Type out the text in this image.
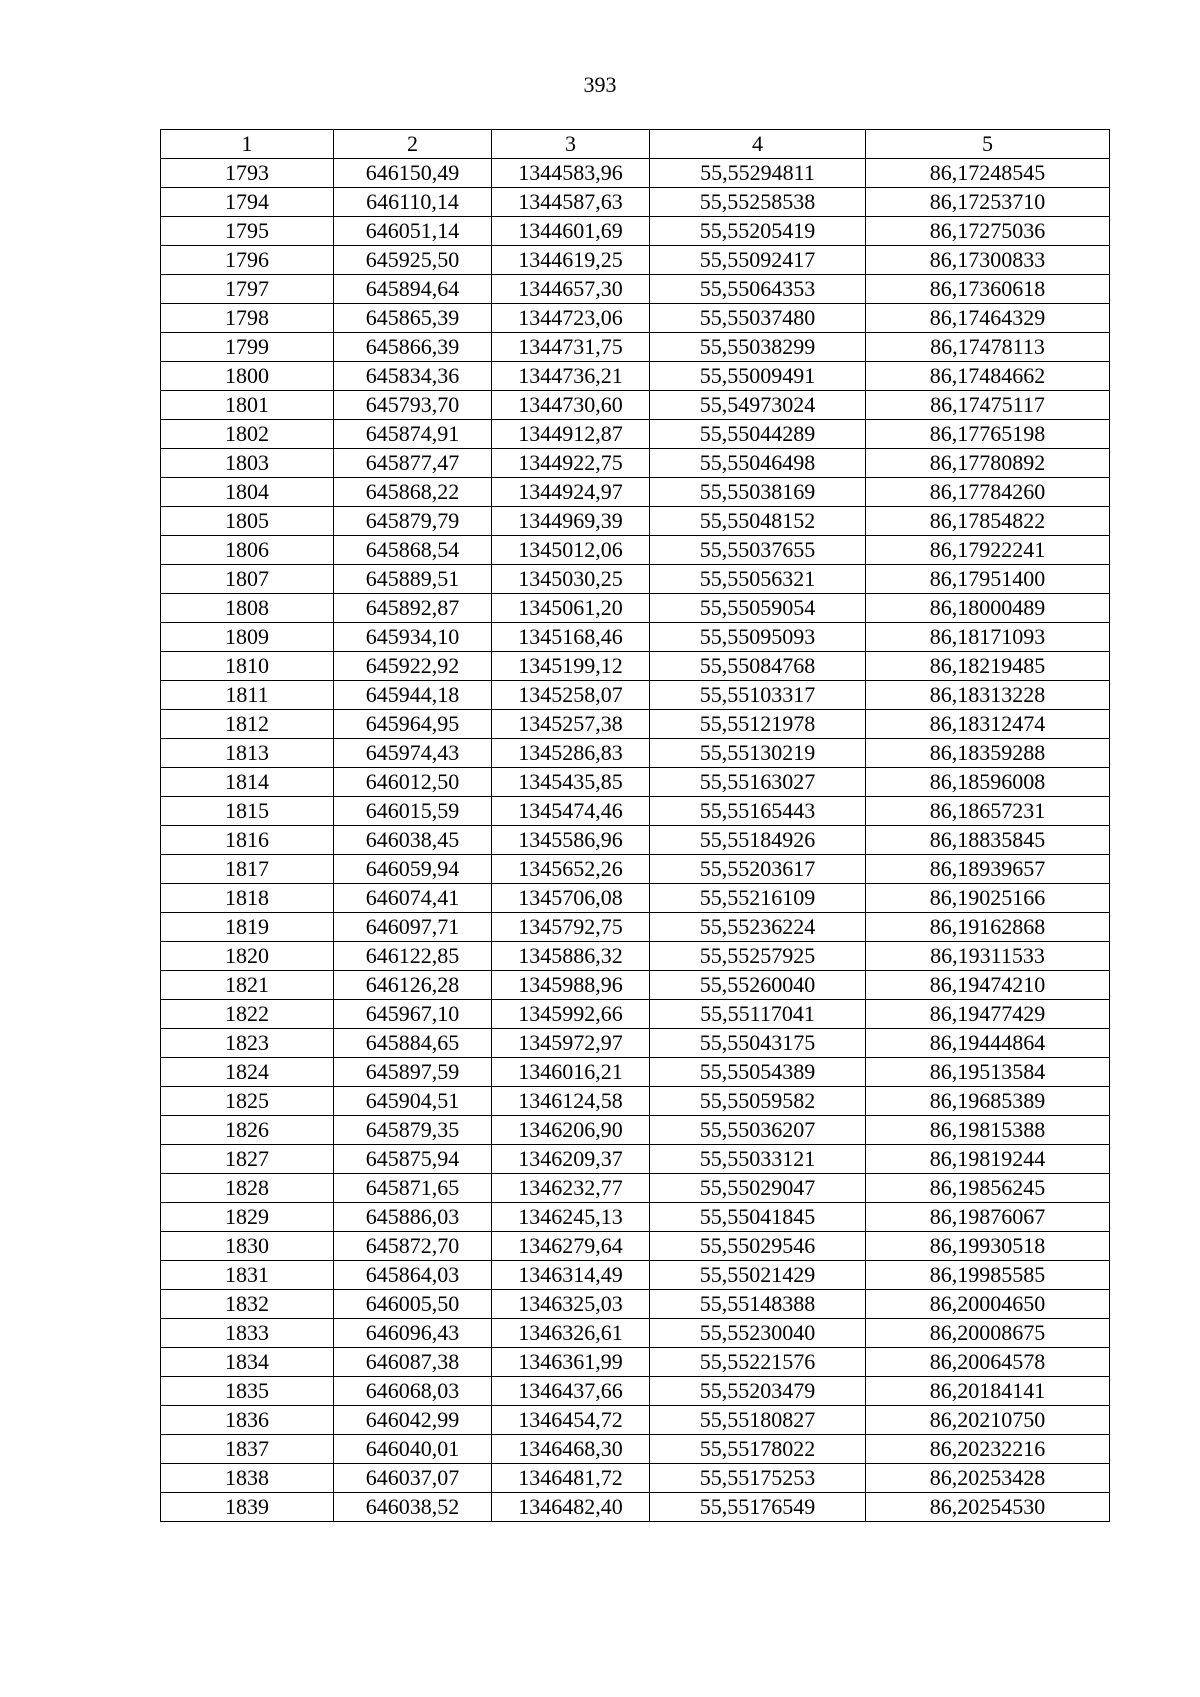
393
1	2	3	4	5
1793	646150,49	1344583,96	55,55294811	86,17248545
1794	646110,14	1344587,63	55,55258538	86,17253710
1795	646051,14	1344601,69	55,55205419	86,17275036
1796	645925,50	1344619,25	55,55092417	86,17300833
1797	645894,64	1344657,30	55,55064353	86,17360618
1798	645865,39	1344723,06	55,55037480	86,17464329
1799	645866,39	1344731,75	55,55038299	86,17478113
1800	645834,36	1344736,21	55,55009491	86,17484662
1801	645793,70	1344730,60	55,54973024	86,17475117
1802	645874,91	1344912,87	55,55044289	86,17765198
1803	645877,47	1344922,75	55,55046498	86,17780892
1804	645868,22	1344924,97	55,55038169	86,17784260
1805	645879,79	1344969,39	55,55048152	86,17854822
1806	645868,54	1345012,06	55,55037655	86,17922241
1807	645889,51	1345030,25	55,55056321	86,17951400
1808	645892,87	1345061,20	55,55059054	86,18000489
1809	645934,10	1345168,46	55,55095093	86,18171093
1810	645922,92	1345199,12	55,55084768	86,18219485
1811	645944,18	1345258,07	55,55103317	86,18313228
1812	645964,95	1345257,38	55,55121978	86,18312474
1813	645974,43	1345286,83	55,55130219	86,18359288
1814	646012,50	1345435,85	55,55163027	86,18596008
1815	646015,59	1345474,46	55,55165443	86,18657231
1816	646038,45	1345586,96	55,55184926	86,18835845
1817	646059,94	1345652,26	55,55203617	86,18939657
1818	646074,41	1345706,08	55,55216109	86,19025166
1819	646097,71	1345792,75	55,55236224	86,19162868
1820	646122,85	1345886,32	55,55257925	86,19311533
1821	646126,28	1345988,96	55,55260040	86,19474210
1822	645967,10	1345992,66	55,55117041	86,19477429
1823	645884,65	1345972,97	55,55043175	86,19444864
1824	645897,59	1346016,21	55,55054389	86,19513584
1825	645904,51	1346124,58	55,55059582	86,19685389
1826	645879,35	1346206,90	55,55036207	86,19815388
1827	645875,94	1346209,37	55,55033121	86,19819244
1828	645871,65	1346232,77	55,55029047	86,19856245
1829	645886,03	1346245,13	55,55041845	86,19876067
1830	645872,70	1346279,64	55,55029546	86,19930518
1831	645864,03	1346314,49	55,55021429	86,19985585
1832	646005,50	1346325,03	55,55148388	86,20004650
1833	646096,43	1346326,61	55,55230040	86,20008675
1834	646087,38	1346361,99	55,55221576	86,20064578
1835	646068,03	1346437,66	55,55203479	86,20184141
1836	646042,99	1346454,72	55,55180827	86,20210750
1837	646040,01	1346468,30	55,55178022	86,20232216
1838	646037,07	1346481,72	55,55175253	86,20253428
1839	646038,52	1346482,40	55,55176549	86,20254530
